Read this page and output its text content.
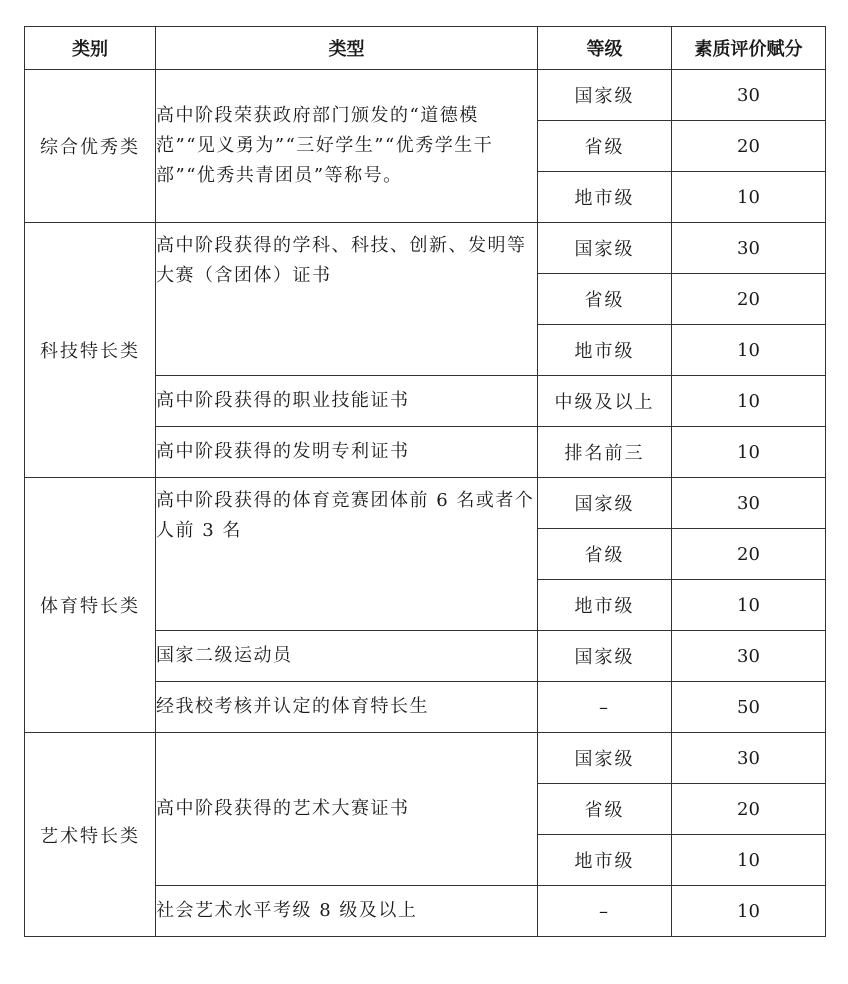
类别	类型	等级	素质评价赋分
综合优秀类	高中阶段荣获政府部门颁发的“道德模范”“见义勇为”“三好学生”“优秀学生干部”“优秀共青团员”等称号。	国家级	30
		省级	20
		地市级	10
科技特长类	高中阶段获得的学科、科技、创新、发明等大赛（含团体）证书	国家级	30
		省级	20
		地市级	10
	高中阶段获得的职业技能证书	中级及以上	10
	高中阶段获得的发明专利证书	排名前三	10
体育特长类	高中阶段获得的体育竞赛团体前 6 名或者个人前 3 名	国家级	30
		省级	20
		地市级	10
	国家二级运动员	国家级	30
	经我校考核并认定的体育特长生	–	50
艺术特长类	高中阶段获得的艺术大赛证书	国家级	30
		省级	20
		地市级	10
	社会艺术水平考级 8 级及以上	–	10
